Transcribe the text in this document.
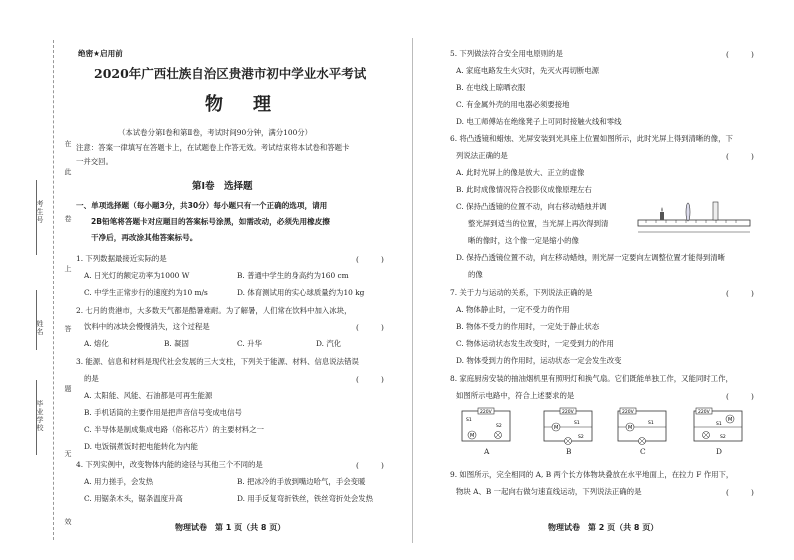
在
此
卷
上
答
题
无
效
考生号
姓名
毕业学校
绝密★启用前
2020年广西壮族自治区贵港市初中学业水平考试
物　理
（本试卷分第Ⅰ卷和第Ⅱ卷，考试时间90分钟，满分100分）
注意：答案一律填写在答题卡上，在试题卷上作答无效。考试结束将本试卷和答题卡
一并交回。
第Ⅰ卷　选择题
一、单项选择题（每小题3分，共30分）每小题只有一个正确的选项，请用
2B铅笔将答题卡对应题目的答案标号涂黑，如需改动，必须先用橡皮擦
干净后，再改涂其他答案标号。
1. 下列数据最接近实际的是	(　　　)
A. 日光灯的额定功率为1000 W	B. 普通中学生的身高约为160 cm
C. 中学生正常步行的速度约为10 m/s	D. 体育测试用的实心球质量约为10 kg
2. 七月的贵港市，大多数天气都是酷暑难耐。为了解暑，人们常在饮料中加入冰块，
饮料中的冰块会慢慢消失，这个过程是	(　　　)
A. 熔化	B. 凝固	C. 升华	D. 汽化
3. 能源、信息和材料是现代社会发展的三大支柱，下列关于能源、材料、信息说法错误
的是	(　　　)
A. 太阳能、风能、石油都是可再生能源
B. 手机话筒的主要作用是把声音信号变成电信号
C. 半导体是制成集成电路（俗称芯片）的主要材料之一
D. 电饭锅煮饭时把电能转化为内能
4. 下列实例中，改变物体内能的途径与其他三个不同的是	(　　　)
A. 用力搓手，会发热	B. 把冰冷的手放到嘴边哈气，手会变暖
C. 用锯条木头，锯条温度升高	D. 用手反复弯折铁丝，铁丝弯折处会发热
物理试卷　第 1 页（共 8 页）
5. 下列做法符合安全用电原则的是	(　　　)
A. 家庭电路发生火灾时，先灭火再切断电源
B. 在电线上晾晒衣服
C. 有金属外壳的用电器必须要接地
D. 电工师傅站在绝缘凳子上可同时接触火线和零线
6. 将凸透镜和蜡烛、光屏安装到光具座上位置如图所示，此时光屏上得到清晰的像，下
列说法正确的是	(　　　)
A. 此时光屏上的像是放大、正立的虚像
B. 此时成像情况符合投影仪成像原理左右
C. 保持凸透镜的位置不动，向右移动蜡烛并调
整光屏到适当的位置，当光屏上再次得到清
晰的像时，这个像一定是缩小的像
D. 保持凸透镜位置不动，向左移动蜡烛，则光屏一定要向左调整位置才能得到清晰
的像
7. 关于力与运动的关系，下列说法正确的是	(　　　)
A. 物体静止时，一定不受力的作用
B. 物体不受力的作用时，一定处于静止状态
C. 物体运动状态发生改变时，一定受到力的作用
D. 物体受到力的作用时，运动状态一定会发生改变
8. 家庭厨房安装的抽油烟机里有照明灯和换气扇。它们既能单独工作，又能同时工作，
如图所示电路中，符合上述要求的是	(　　　)
220V
M
S1
S2
A
220V
M
S1
S2
B
220V
M
S1
C
220V
M
S1
S2
D
9. 如图所示，完全相同的 A, B 两个长方体物块叠放在水平地面上，在拉力 F 作用下，
物块 A、B 一起向右做匀速直线运动，下列说法正确的是	(　　　)
物理试卷　第 2 页（共 8 页）
